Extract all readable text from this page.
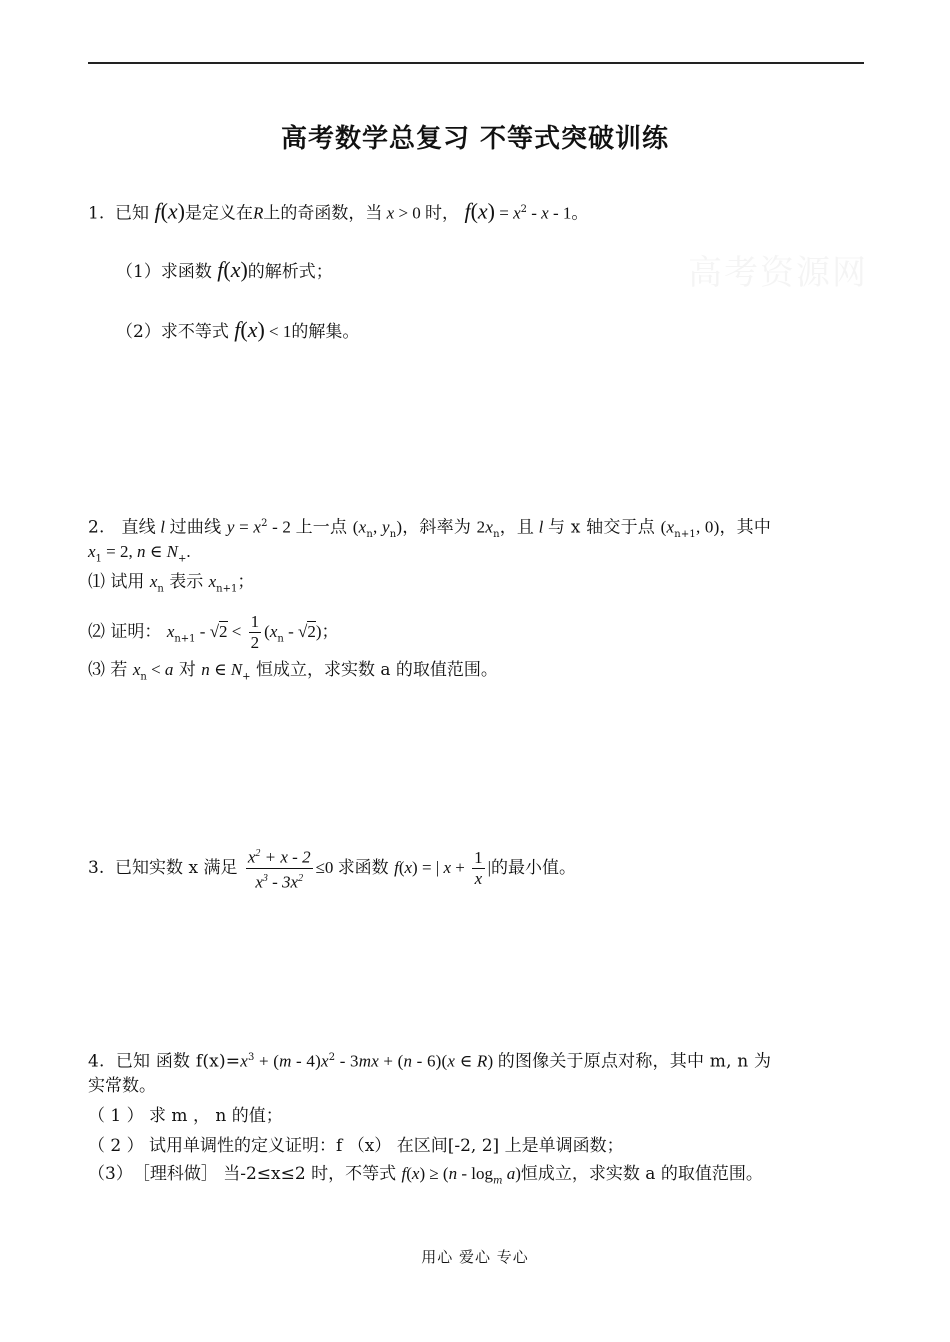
高考数学总复习 不等式突破训练
高考资源网
1. 已知 f(x)是定义在R上的奇函数，当 x > 0 时， $f(x) = x^2 - x - 1$。
（1）求函数 f(x)的解析式；
（2）求不等式 f(x) < 1的解集。
2. 直线 l 过曲线 $y = x^2 - 2$ 上一点 ($x_n$, $y_n$)，斜率为 $2x_n$，且 l 与 x 轴交于点 ($x_{n+1}$, 0)，其中
$x_1 = 2$, n ∈ $N_+$.
⑴ 试用 $x_n$ 表示 $x_{n+1}$；
⑵ 证明： $x_{n+1} - √2 < \frac{1}{2} (x_n - √2)$；
⑶ 若 $x_n < a$ 对 n ∈ $N_+$ 恒成立，求实数 a 的取值范围。
3. 已知实数 x 满足 $\frac{x^2 + x - 2}{x^3 - 3x^2} \le 0$ 求函数 f(x) = | $x + \frac{1}{x}$ |的最小值。
4. 已知 函数 $f(x)=x^3 + (m - 4)x^2 - 3mx + (n - 6)(x$ ∈ R) 的图像关于原点对称，其中 m, n 为
实常数。
（ 1 ） 求 m ， n 的值；
（ 2 ） 试用单调性的定义证明：f （x） 在区间[-2, 2] 上是单调函数；
（3）　［理科做］ 当-2≤x≤2 时，不等式 $f(x) \ge (n - \log_m a)$恒成立，求实数 a 的取值范围。
用心 爱心 专心
